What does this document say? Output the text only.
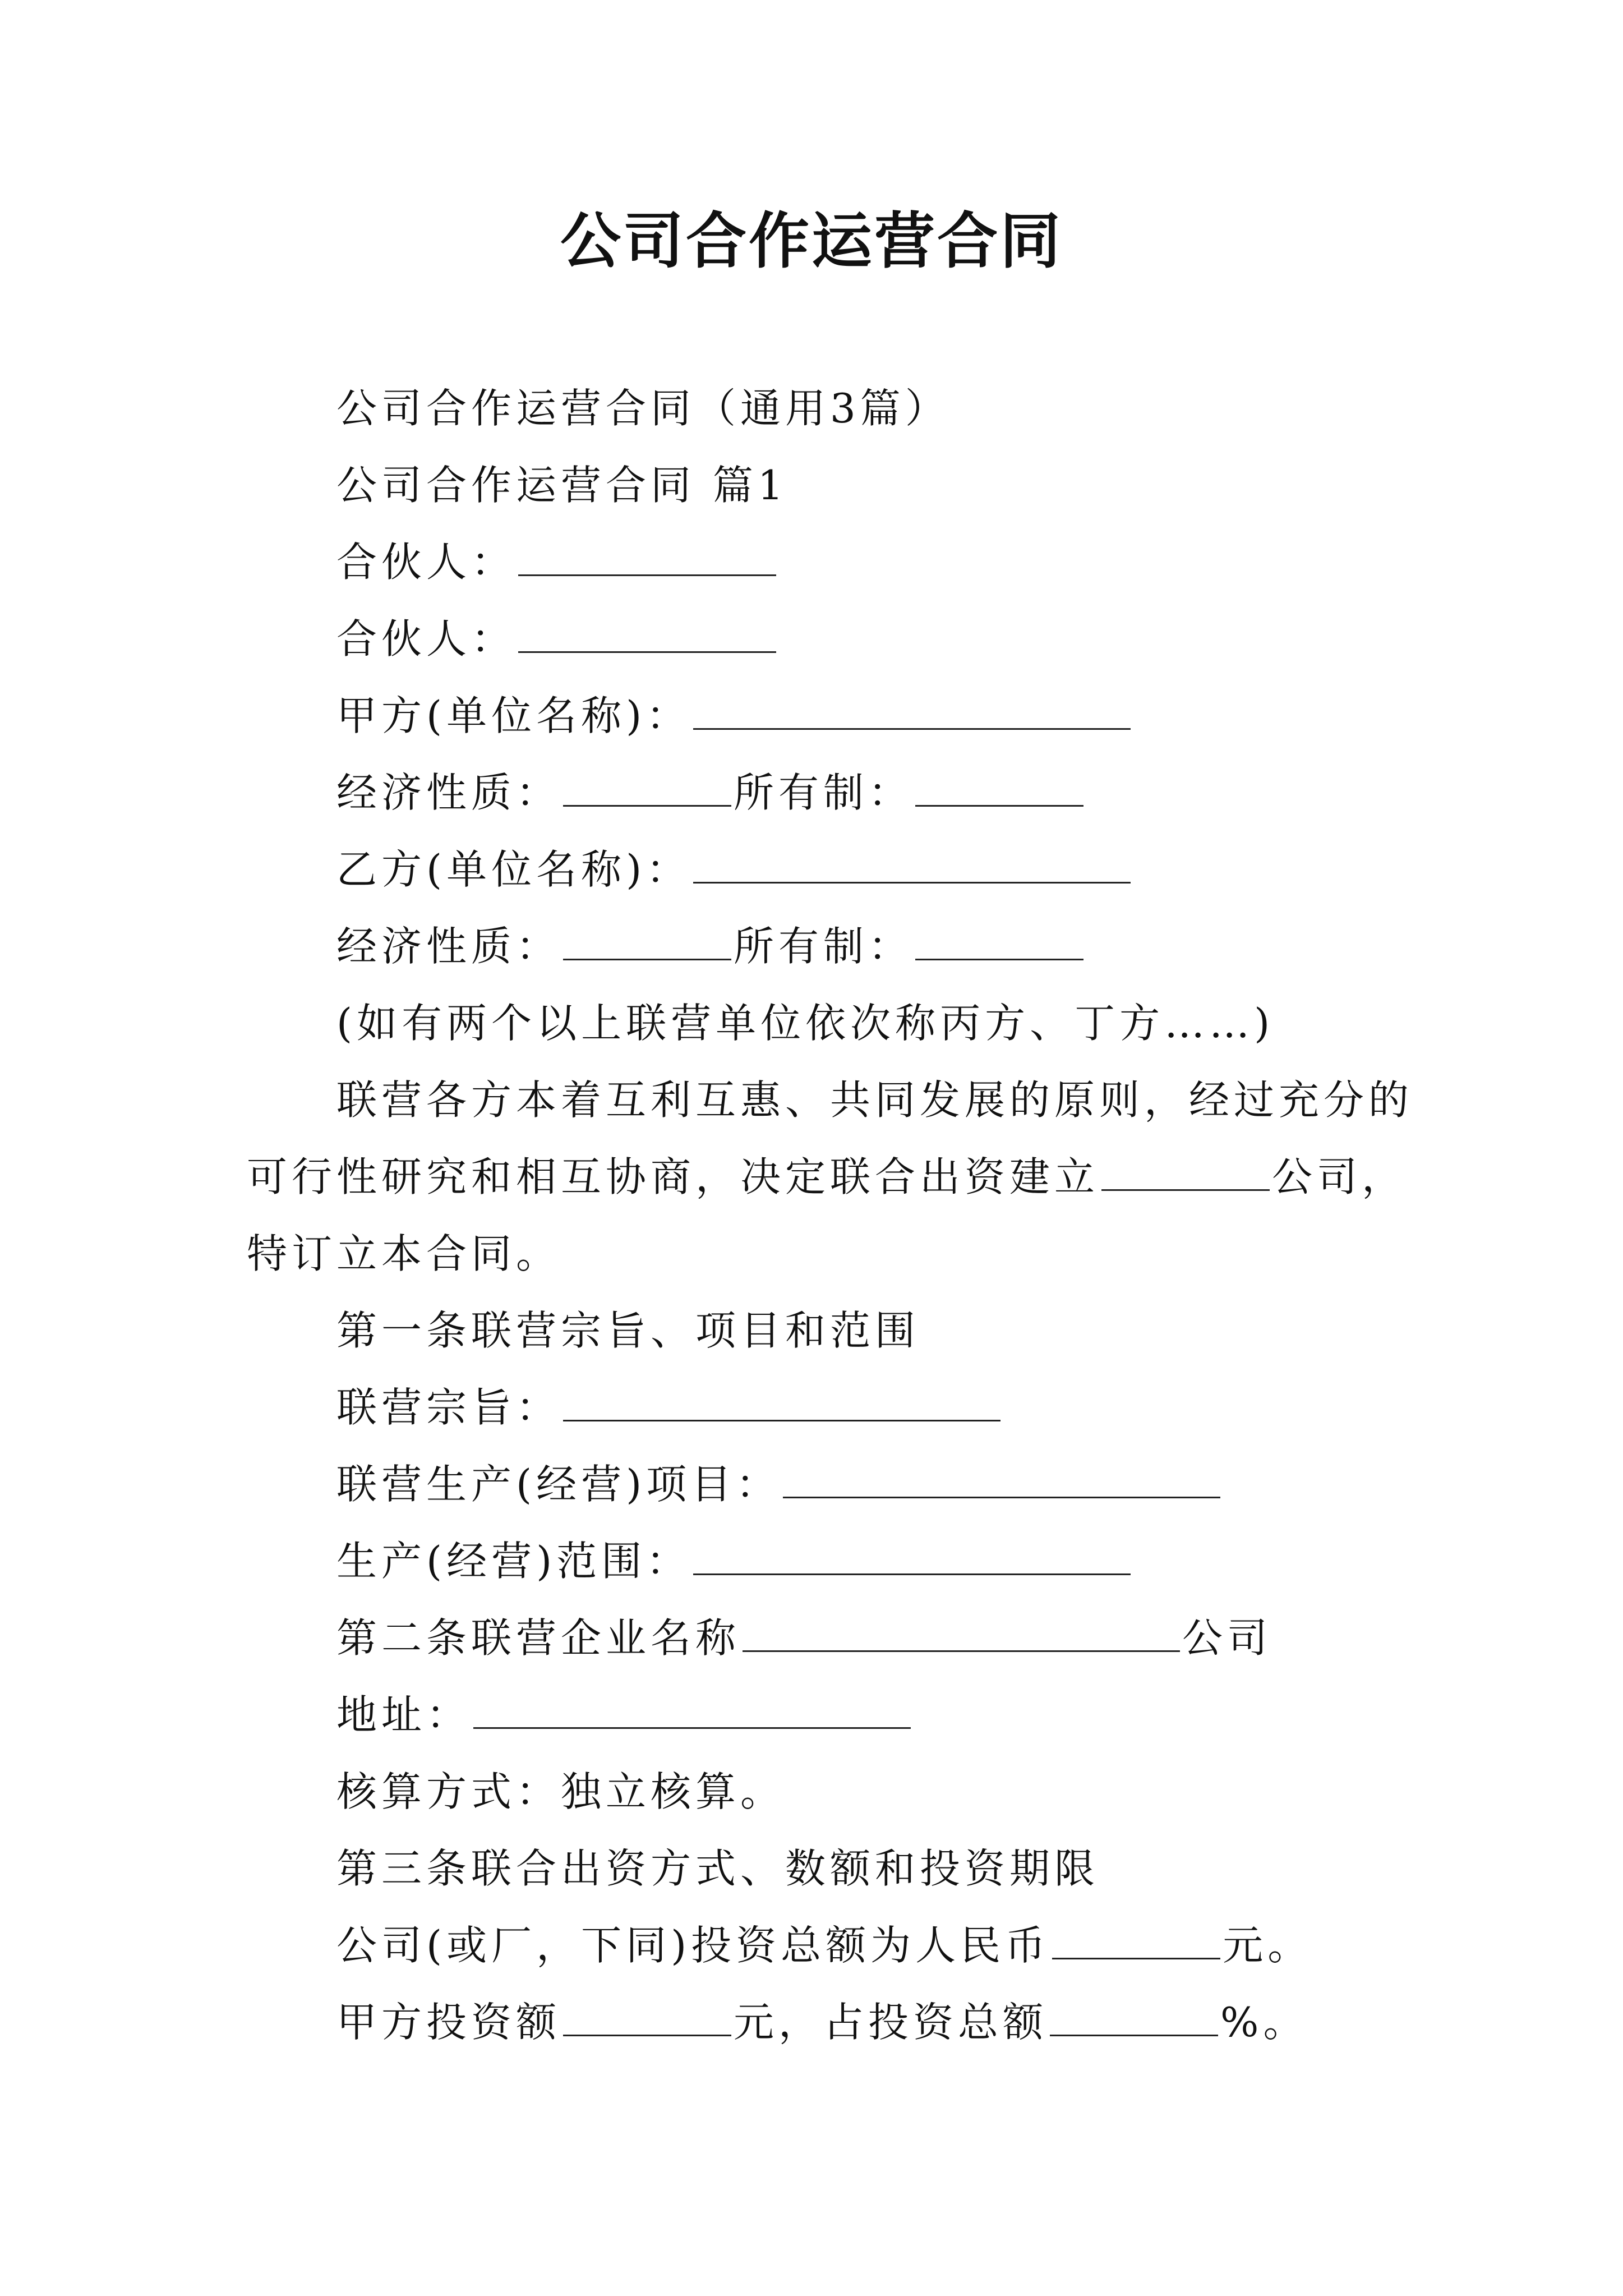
公司合作运营合同
公司合作运营合同（通用3篇）
公司合作运营合同 篇1
合伙人：
合伙人：
甲方(单位名称)：
经济性质：	所有制：
乙方(单位名称)：
经济性质：	所有制：
(如有两个以上联营单位依次称丙方、丁方……)
联营各方本着互利互惠、共同发展的原则，经过充分的
可行性研究和相互协商，决定联合出资建立	公司，
特订立本合同。
第一条联营宗旨、项目和范围
联营宗旨：
联营生产(经营)项目：
生产(经营)范围：
第二条联营企业名称	公司
地址：
核算方式：独立核算。
第三条联合出资方式、数额和投资期限
公司(或厂，下同)投资总额为人民币	元。
甲方投资额	元，占投资总额	%。
